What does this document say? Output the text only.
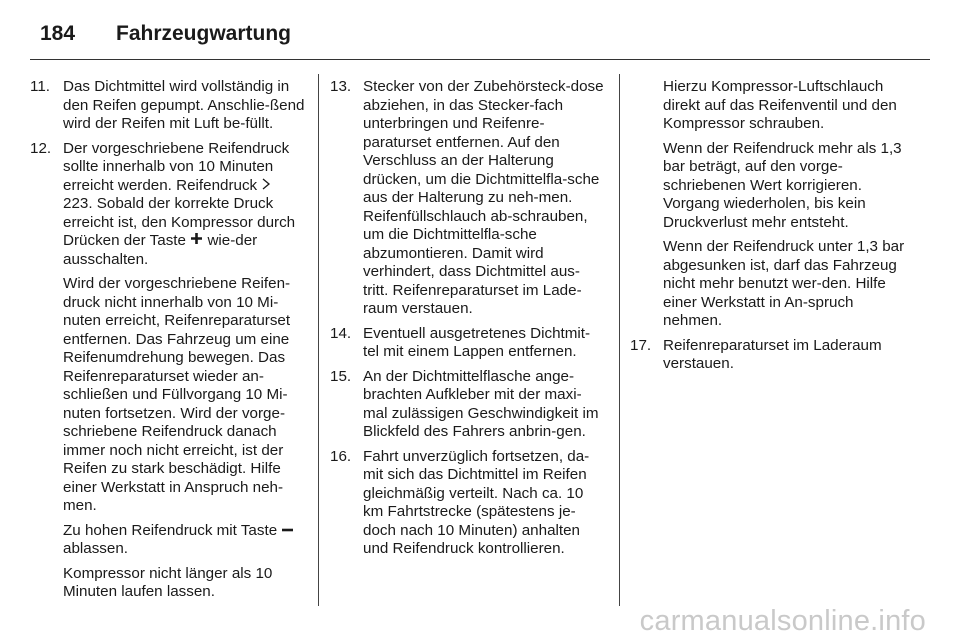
184	Fahrzeugwartung
11. Das Dichtmittel wird vollständig in den Reifen gepumpt. Anschlie-ßend wird der Reifen mit Luft be-füllt.
12. Der vorgeschriebene Reifendruck sollte innerhalb von 10 Minuten erreicht werden. Reifendruck  223. Sobald der korrekte Druck erreicht ist, den Kompressor durch Drücken der Taste wie-der ausschalten.
Wird der vorgeschriebene Reifen-druck nicht innerhalb von 10 Mi-nuten erreicht, Reifenreparaturset entfernen. Das Fahrzeug um eine Reifenumdrehung bewegen. Das Reifenreparaturset wieder an-schließen und Füllvorgang 10 Mi-nuten fortsetzen. Wird der vorge-schriebene Reifendruck danach immer noch nicht erreicht, ist der Reifen zu stark beschädigt. Hilfe einer Werkstatt in Anspruch neh-men.
Zu hohen Reifendruck mit Taste  ablassen.
Kompressor nicht länger als 10 Minuten laufen lassen.
13. Stecker von der Zubehörsteck-dose abziehen, in das Stecker-fach unterbringen und Reifenre-paraturset entfernen. Auf den Verschluss an der Halterung drücken, um die Dichtmittelfla-sche aus der Halterung zu neh-men. Reifenfüllschlauch ab-schrauben, um die Dichtmittelfla-sche abzumontieren. Damit wird verhindert, dass Dichtmittel aus-tritt. Reifenreparaturset im Lade-raum verstauen.
14. Eventuell ausgetretenes Dichtmit-tel mit einem Lappen entfernen.
15. An der Dichtmittelflasche ange-brachten Aufkleber mit der maxi-mal zulässigen Geschwindigkeit im Blickfeld des Fahrers anbrin-gen.
16. Fahrt unverzüglich fortsetzen, da-mit sich das Dichtmittel im Reifen gleichmäßig verteilt. Nach ca. 10 km Fahrtstrecke (spätestens je-doch nach 10 Minuten) anhalten und Reifendruck kontrollieren.
Hierzu Kompressor-Luftschlauch direkt auf das Reifenventil und den Kompressor schrauben.
Wenn der Reifendruck mehr als 1,3 bar beträgt, auf den vorge-schriebenen Wert korrigieren. Vorgang wiederholen, bis kein Druckverlust mehr entsteht.
Wenn der Reifendruck unter 1,3 bar abgesunken ist, darf das Fahrzeug nicht mehr benutzt wer-den. Hilfe einer Werkstatt in An-spruch nehmen.
17. Reifenreparaturset im Laderaum verstauen.
carmanualsonline.info
